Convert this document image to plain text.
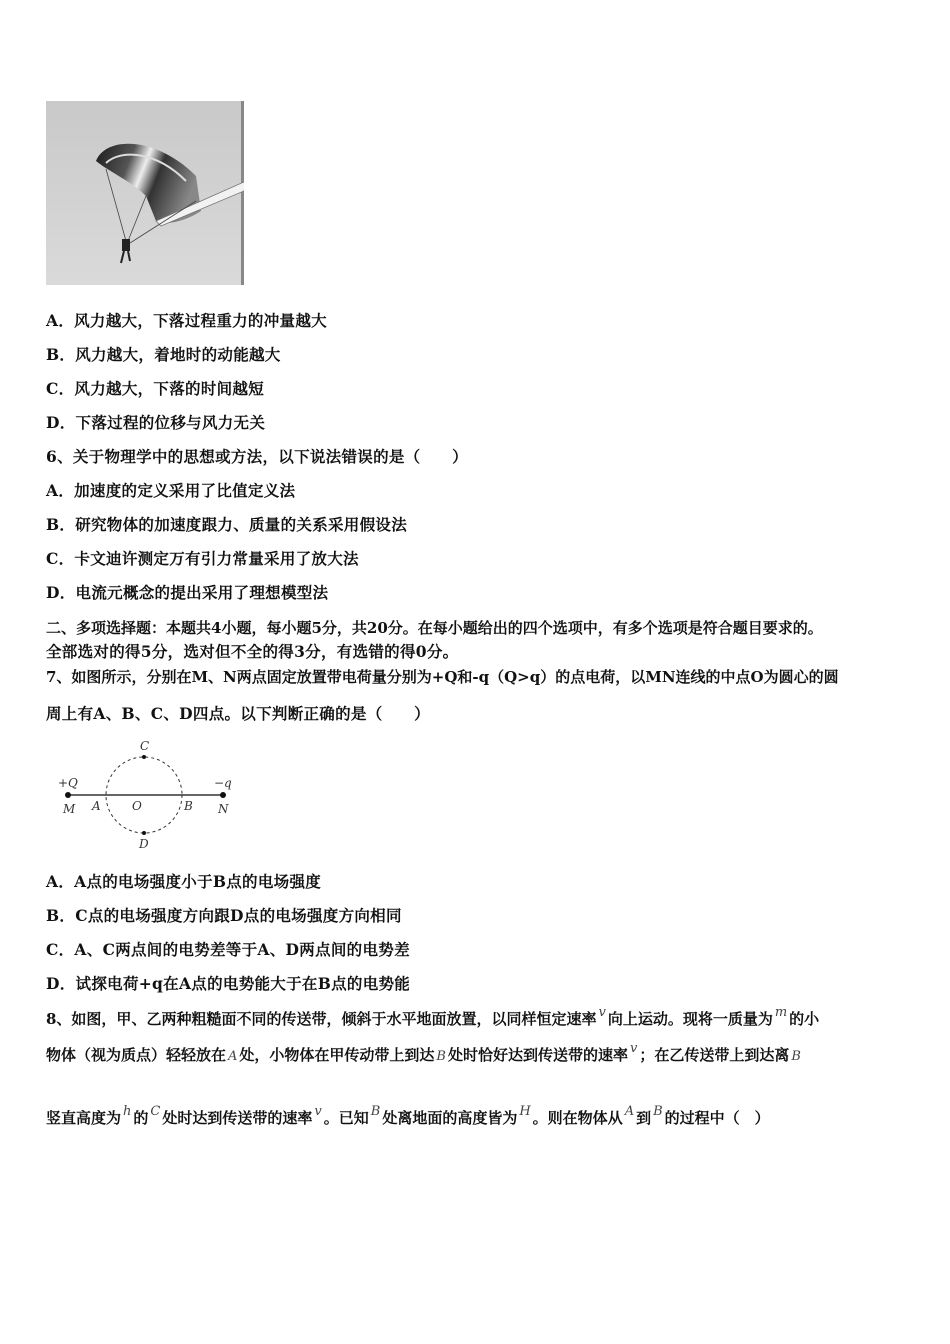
A．风力越大，下落过程重力的冲量越大
B．风力越大，着地时的动能越大
C．风力越大，下落的时间越短
D．下落过程的位移与风力无关
6、关于物理学中的思想或方法，以下说法错误的是（　　）
A．加速度的定义采用了比值定义法
B．研究物体的加速度跟力、质量的关系采用假设法
C．卡文迪许测定万有引力常量采用了放大法
D．电流元概念的提出采用了理想模型法
二、多项选择题：本题共4小题，每小题5分，共20分。在每小题给出的四个选项中，有多个选项是符合题目要求的。
全部选对的得5分，选对但不全的得3分，有选错的得0分。
7、如图所示，分别在M、N两点固定放置带电荷量分别为+Q和-q（Q>q）的点电荷，以MN连线的中点O为圆心的圆
周上有A、B、C、D四点。以下判断正确的是（　　）
+Q	−q
M	N
A	O	B
C
D
A．A点的电场强度小于B点的电场强度
B．C点的电场强度方向跟D点的电场强度方向相同
C．A、C两点间的电势差等于A、D两点间的电势差
D．试探电荷+q在A点的电势能大于在B点的电势能
8、如图，甲、乙两种粗糙面不同的传送带，倾斜于水平地面放置，以同样恒定速率 v 向上运动。现将一质量为 m 的小
物体（视为质点）轻轻放在 A 处，小物体在甲传动带上到达 B 处时恰好达到传送带的速率 v ；在乙传送带上到达离 B
竖直高度为 h 的 C 处时达到传送带的速率 v 。已知 B 处离地面的高度皆为 H 。则在物体从 A 到 B 的过程中（　）
